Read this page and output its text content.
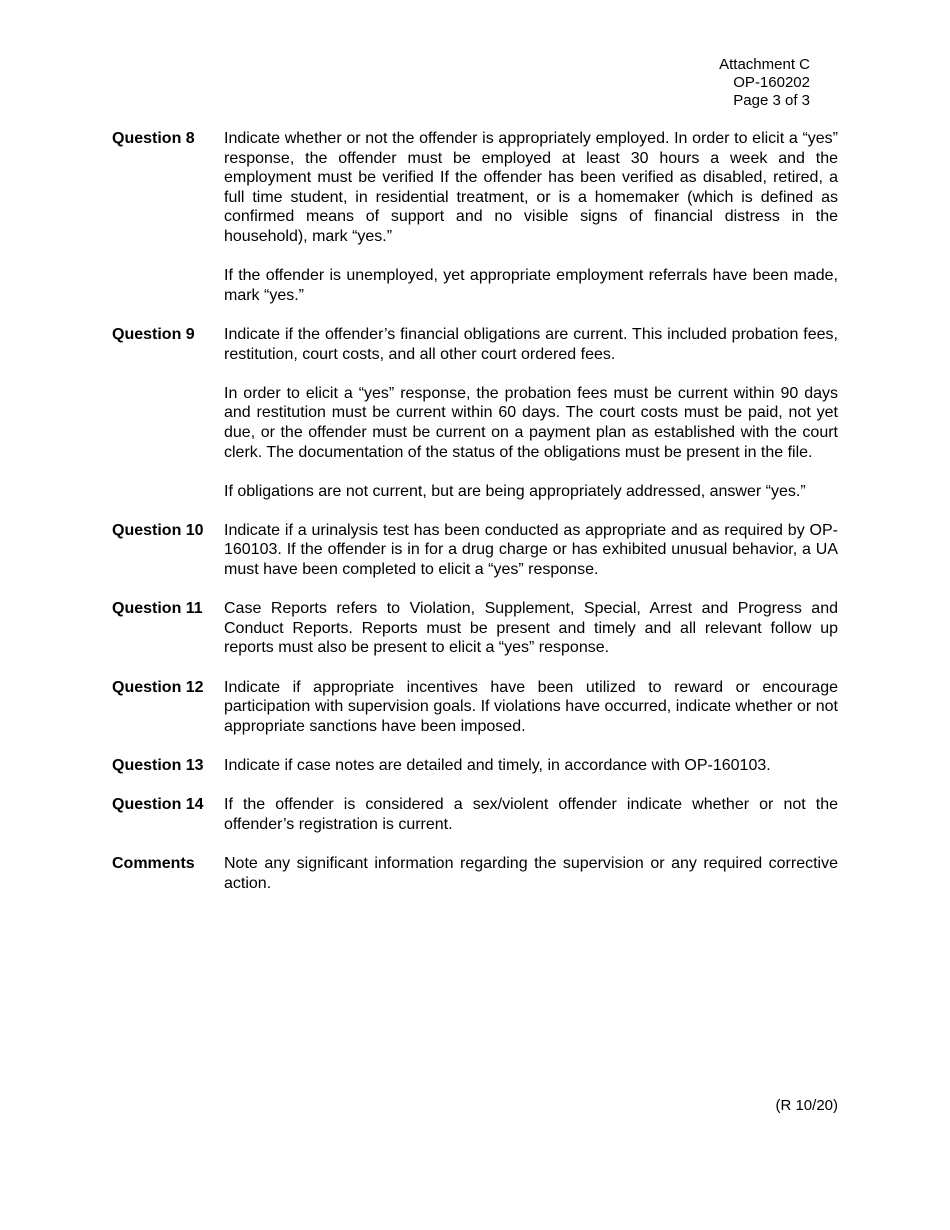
Attachment C
OP-160202
Page 3 of 3
Question 8	Indicate whether or not the offender is appropriately employed. In order to elicit a “yes” response, the offender must be employed at least 30 hours a week and the employment must be verified If the offender has been verified as disabled, retired, a full time student, in residential treatment, or is a homemaker (which is defined as confirmed means of support and no visible signs of financial distress in the household), mark “yes.”

If the offender is unemployed, yet appropriate employment referrals have been made, mark “yes.”

Question 9	Indicate if the offender’s financial obligations are current. This included probation fees, restitution, court costs, and all other court ordered fees.

In order to elicit a “yes” response, the probation fees must be current within 90 days and restitution must be current within 60 days. The court costs must be paid, not yet due, or the offender must be current on a payment plan as established with the court clerk. The documentation of the status of the obligations must be present in the file.

If obligations are not current, but are being appropriately addressed, answer “yes.”

Question 10	Indicate if a urinalysis test has been conducted as appropriate and as required by OP-160103. If the offender is in for a drug charge or has exhibited unusual behavior, a UA must have been completed to elicit a “yes” response.

Question 11	Case Reports refers to Violation, Supplement, Special, Arrest and Progress and Conduct Reports. Reports must be present and timely and all relevant follow up reports must also be present to elicit a “yes” response.

Question 12	Indicate if appropriate incentives have been utilized to reward or encourage participation with supervision goals. If violations have occurred, indicate whether or not appropriate sanctions have been imposed.

Question 13	Indicate if case notes are detailed and timely, in accordance with OP-160103.

Question 14	If the offender is considered a sex/violent offender indicate whether or not the offender’s registration is current.

Comments	Note any significant information regarding the supervision or any required corrective action.

(R 10/20)
